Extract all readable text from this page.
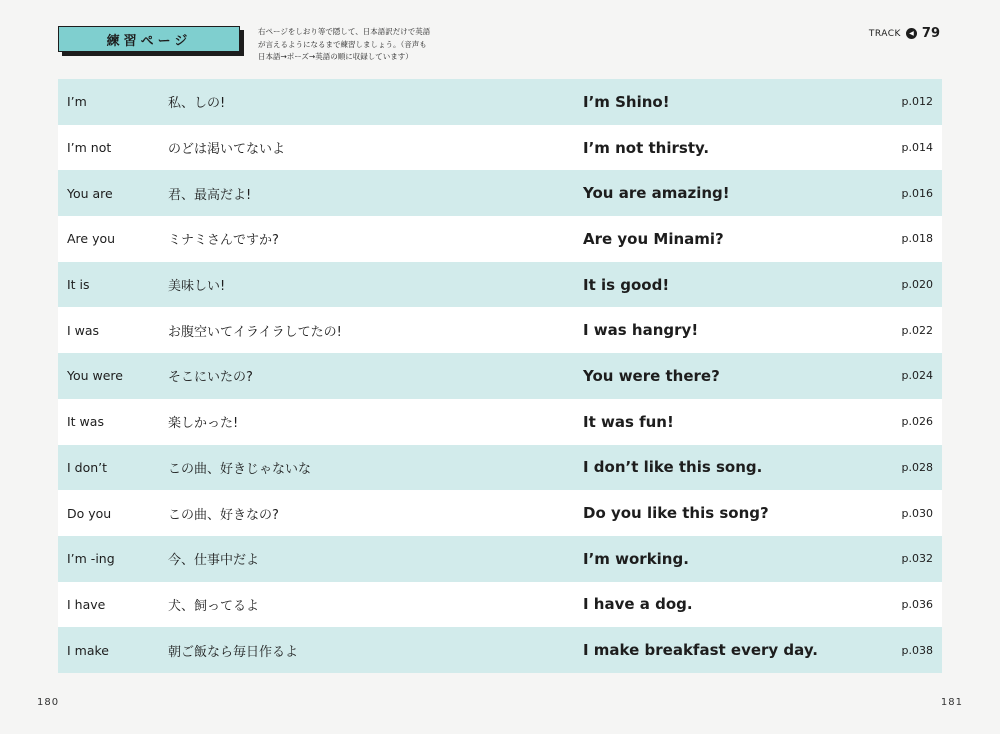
練習ページ

右ページをしおり等で隠して、日本語訳だけで英語が言えるようになるまで練習しましょう。（音声も日本語→ポーズ→英語の順に収録しています）

TRACK	◀ 79
I’m	私、しの!	I’m Shino!	p.012
I’m not	のどは渇いてないよ	I’m not thirsty.	p.014
You are	君、最高だよ!	You are amazing!	p.016
Are you	ミナミさんですか?	Are you Minami?	p.018
It is	美味しい!	It is good!	p.020
I was	お腹空いてイライラしてたの!	I was hangry!	p.022
You were	そこにいたの?	You were there?	p.024
It was	楽しかった!	It was fun!	p.026
I don’t	この曲、好きじゃないな	I don’t like this song.	p.028
Do you	この曲、好きなの?	Do you like this song?	p.030
I’m -ing	今、仕事中だよ	I’m working.	p.032
I have	犬、飼ってるよ	I have a dog.	p.036
I make	朝ご飯なら毎日作るよ	I make breakfast every day.	p.038
180	181
